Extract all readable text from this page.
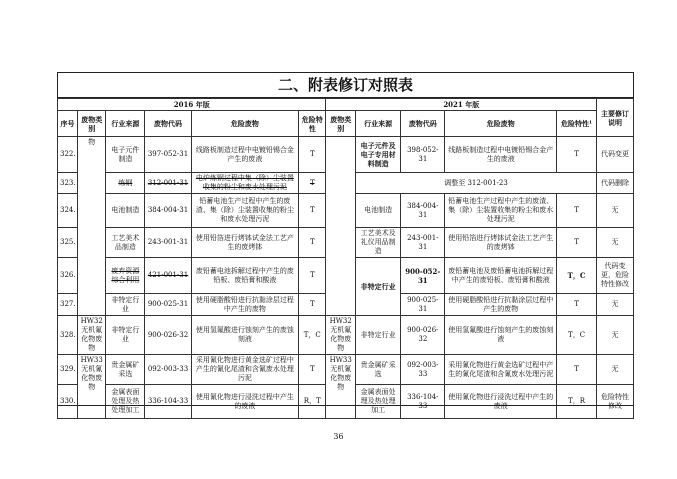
二、附表修订对照表
2016 年版						2021 年版					主要修订说明
序号	废物类别	行业来源	废物代码	危险废物	危险特性	废物类别	行业来源	废物代码	危险废物	危险特性¹	
322.	物	电子元件制造	397-052-31	线路板制造过程中电镀铅锡合金产生的废液	T		电子元件及电子专用材料制造	398-052-31	线路板制造过程中电镀铅锡合金产生的废液	T	代码变更
323.		炼钢	312-001-31	电炉炼钢过程中集（除）尘装置收集的粉尘和废水处理污泥	T		调整至 312-001-23				代码删除
324.		电池制造	384-004-31	铅蓄电池生产过程中产生的废渣、集（除）尘装置收集的粉尘和废水处理污泥	T		电池制造	384-004-31	铅蓄电池生产过程中产生的废渣、集（除）尘装置收集的粉尘和废水处理污泥	T	无
325.		工艺美术品制造	243-001-31	使用铅箔进行烤钵试金法工艺产生的废烤钵	T		工艺美术及礼仪用品制造	243-001-31	使用铅箔进行烤钵试金法工艺产生的废烤钵	T	无
326.		废弃资源综合利用	421-001-31	废铅蓄电池拆解过程中产生的废铅板、废铅膏和酸液	T		非特定行业	900-052-31	废铅蓄电池及废铅蓄电池拆解过程中产生的废铅板、废铅膏和酸液	T，C	代码变更，危险特性修改
327.		非特定行业	900-025-31	使用硬脂酸铅进行抗黏涂层过程中产生的废物	T			900-025-31	使用硬脂酸铅进行抗黏涂层过程中产生的废物	T	无
328.	HW32 无机氟化物废物	非特定行业	900-026-32	使用氢氟酸进行蚀刻产生的废蚀刻液	T，C	HW32 无机氟化物废物	非特定行业	900-026-32	使用氢氟酸进行蚀刻产生的废蚀刻液	T，C	无
329.	HW33 无机氰化物废物	贵金属矿采选	092-003-33	采用氰化物进行黄金选矿过程中产生的氰化尾渣和含氰废水处理污泥	T	HW33 无机氰化物废物	贵金属矿采选	092-003-33	采用氰化物进行黄金选矿过程中产生的氰化尾渣和含氰废水处理污泥	T	无
330.		金属表面处理及热处理加工	336-104-33	使用氰化物进行浸洗过程中产生的废液	R，T		金属表面处理及热处理加工	336-104-33	使用氰化物进行浸洗过程中产生的废液	T，R	危险特性修改
36
